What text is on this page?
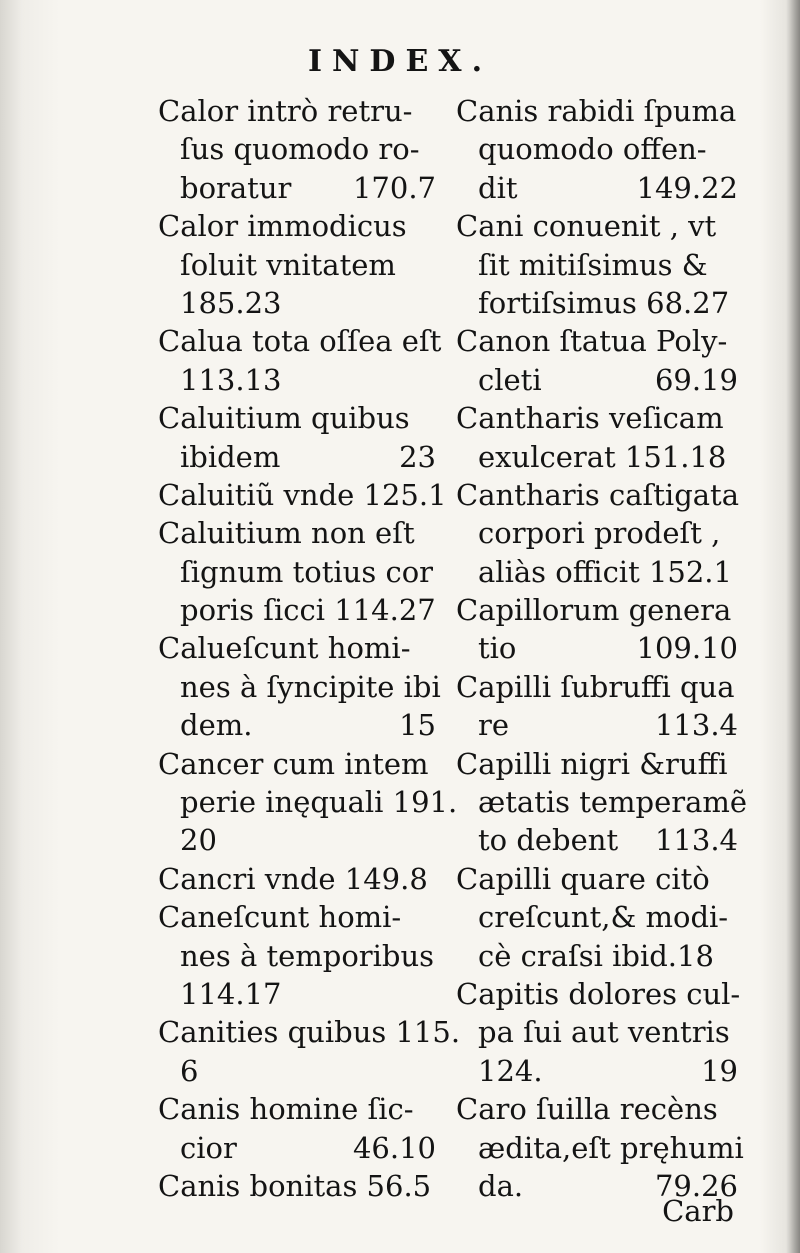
INDEX.
Calor intrò retru-
ſus quomodo ro-
boratur 170.7
Calor immodicus
ſoluit vnitatem
185.23
Calua tota oſſea eſt
113.13
Caluitium quibus
ibidem	23
Caluitiũ vnde 125.1
Caluitium non eſt
ſignum totius cor
poris ſicci 114.27
Calueſcunt homi-
nes à ſyncipite ibi
dem.	15
Cancer cum intem
perie inęquali 191.
20
Cancri vnde 149.8
Caneſcunt homi-
nes à temporibus
114.17
Canities quibus 115.
6
Canis homine ſic-
cior	46.10
Canis bonitas 56.5
Canis rabidi ſpuma
quomodo offen-
dit	149.22
Cani conuenit , vt
ſit mitiſsimus &
fortiſsimus 68.27
Canon ſtatua Poly-
cleti	69.19
Cantharis veſicam
exulcerat 151.18
Cantharis caſtigata
corpori prodeſt ,
aliàs officit 152.1
Capillorum genera
tio	109.10
Capilli ſubruffi qua
re	113.4
Capilli nigri &ruffi
ætatis temperamẽ
to debent 113.4
Capilli quare citò
creſcunt,& modi-
cè craſsi ibid.18
Capitis dolores cul-
pa ſui aut ventris
124.	19
Caro ſuilla recèns
ædita,eſt pręhumi
da.	79.26
Carb
